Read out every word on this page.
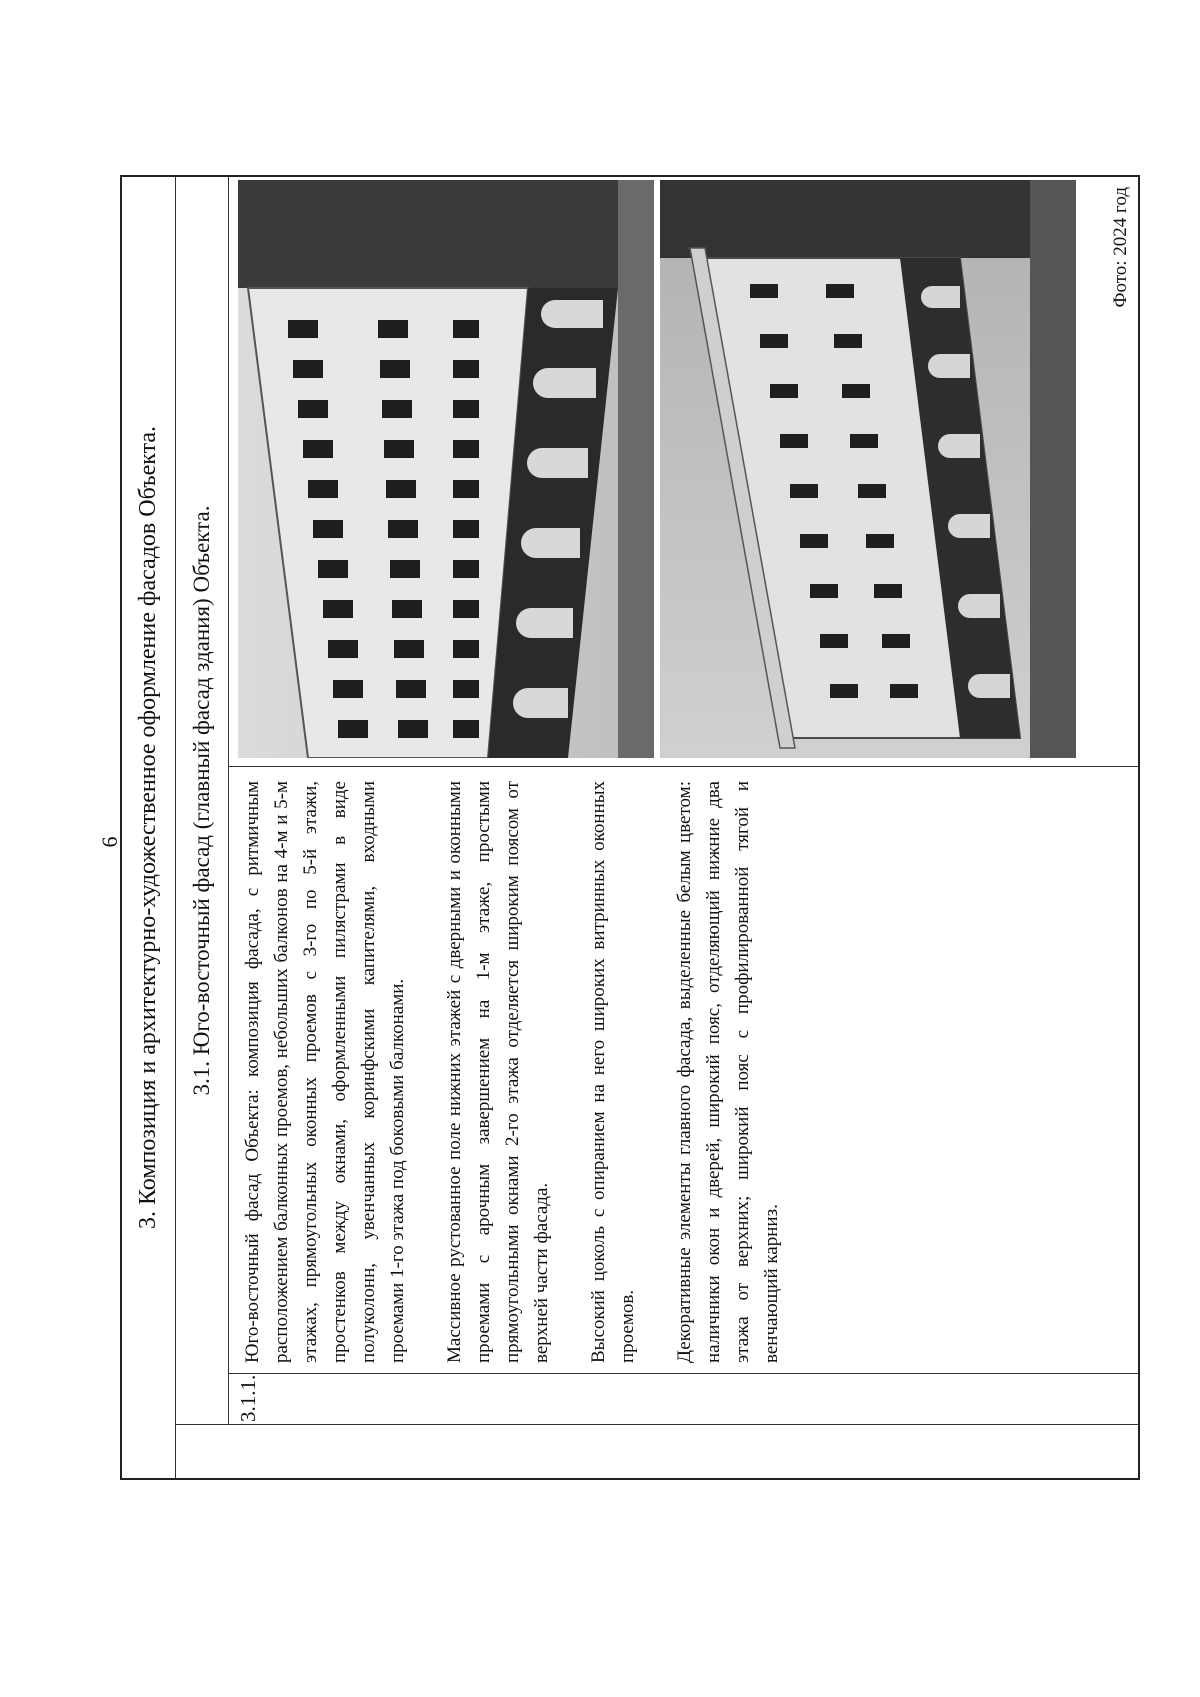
6 3. Композиция и архитектурно-художественное оформление фасадов Объекта.	3.1. Юго-восточный фасад (главный фасад здания) Объекта.
3.1.1.

Юго-восточный фасад Объекта: композиция фасада, с ритмичным расположением балконных проемов, небольших балконов на 4-м и 5-м этажах, прямоугольных оконных проемов с 3-го по 5-й этажи, простенков между окнами, оформленными пилястрами в виде полуколонн, увенчанных коринфскими капителями, входными проемами 1-го этажа под боковыми балконами. Массивное рустованное поле нижних этажей с дверными и оконными проемами с арочным завершением на 1-м этаже, простыми прямоугольными окнами 2-го этажа отделяется широким поясом от верхней части фасада. Высокий цоколь с опиранием на него широких витринных оконных проемов. Декоративные элементы главного фасада, выделенные белым цветом: наличники окон и дверей, широкий пояс, отделяющий нижние два этажа от верхних; широкий пояс с профилированной тягой и венчающий карниз.

Фото: 2024 год
